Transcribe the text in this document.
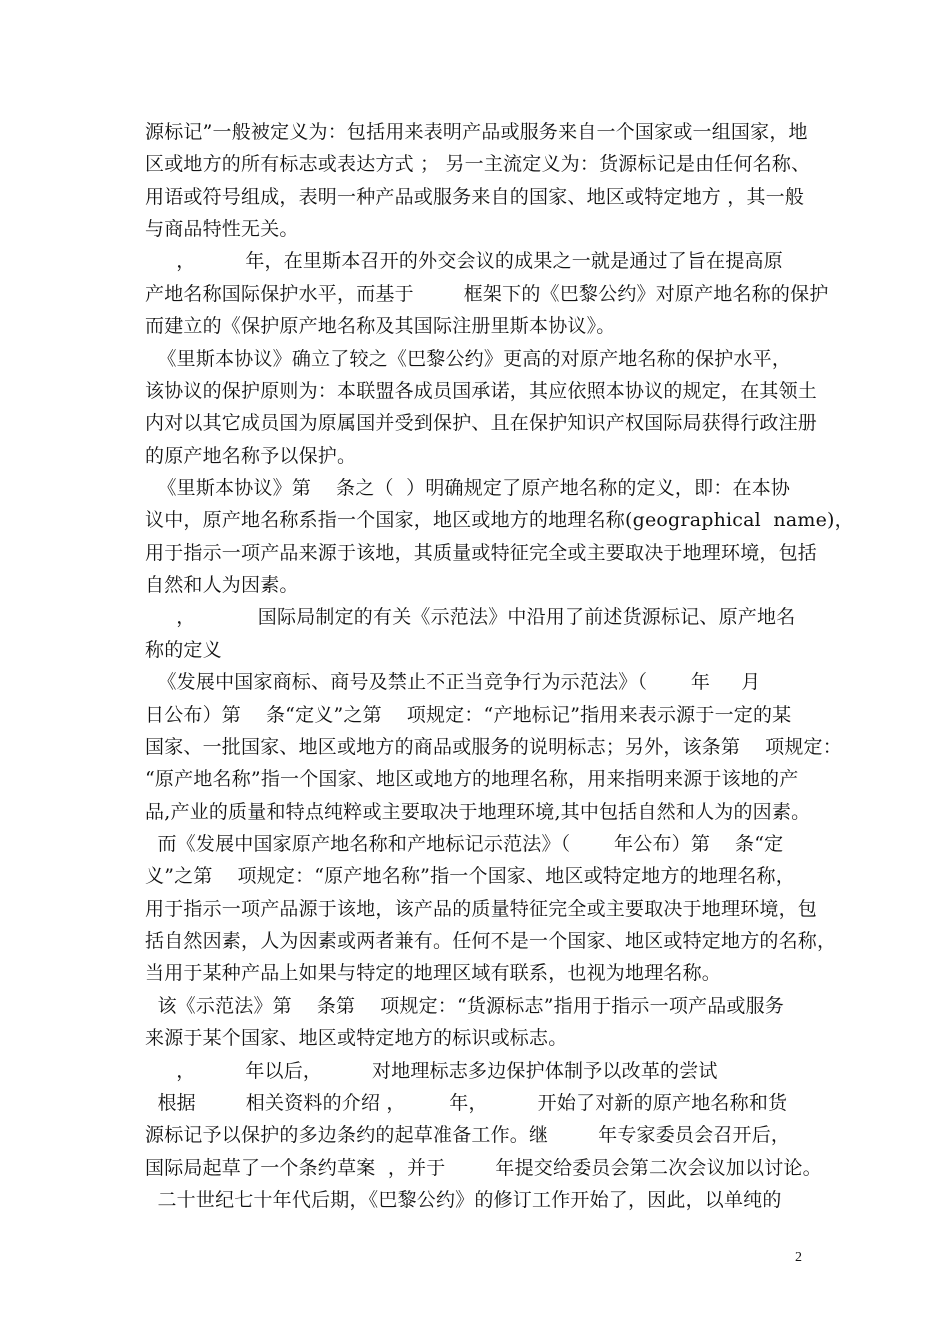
源标记”一般被定义为：包括用来表明产品或服务来自一个国家或一组国家，地
区或地方的所有标志或表达方式 ； 另一主流定义为：货源标记是由任何名称、
用语或符号组成，表明一种产品或服务来自的国家、地区或特定地方 ，其一般
与商品特性无关。
，        年，在里斯本召开的外交会议的成果之一就是通过了旨在提高原
产地名称国际保护水平，而基于        框架下的《巴黎公约》对原产地名称的保护
而建立的《保护原产地名称及其国际注册里斯本协议》。
《里斯本协议》确立了较之《巴黎公约》更高的对原产地名称的保护水平，
该协议的保护原则为：本联盟各成员国承诺，其应依照本协议的规定，在其领土
内对以其它成员国为原属国并受到保护、且在保护知识产权国际局获得行政注册
的原产地名称予以保护。
《里斯本协议》第    条之（  ）明确规定了原产地名称的定义，即：在本协
议中，原产地名称系指一个国家，地区或地方的地理名称(geographical  name)，
用于指示一项产品来源于该地，其质量或特征完全或主要取决于地理环境，包括
自然和人为因素。
，          国际局制定的有关《示范法》中沿用了前述货源标记、原产地名
称的定义
《发展中国家商标、商号及禁止不正当竞争行为示范法》（       年     月
日公布）第    条“定义”之第    项规定：“产地标记”指用来表示源于一定的某
国家、一批国家、地区或地方的商品或服务的说明标志；另外，该条第    项规定：
“原产地名称”指一个国家、地区或地方的地理名称，用来指明来源于该地的产
品,产业的质量和特点纯粹或主要取决于地理环境,其中包括自然和人为的因素。
而《发展中国家原产地名称和产地标记示范法》（       年公布）第    条“定
义”之第    项规定：“原产地名称”指一个国家、地区或特定地方的地理名称，
用于指示一项产品源于该地，该产品的质量特征完全或主要取决于地理环境，包
括自然因素，人为因素或两者兼有。任何不是一个国家、地区或特定地方的名称，
当用于某种产品上如果与特定的地理区域有联系，也视为地理名称。
该《示范法》第    条第    项规定：“货源标志”指用于指示一项产品或服务
来源于某个国家、地区或特定地方的标识或标志。
，        年以后，        对地理标志多边保护体制予以改革的尝试
根据        相关资料的介绍 ，       年，        开始了对新的原产地名称和货
源标记予以保护的多边条约的起草准备工作。继        年专家委员会召开后，
国际局起草了一个条约草案  ，并于        年提交给委员会第二次会议加以讨论。
二十世纪七十年代后期，《巴黎公约》的修订工作开始了，因此，以单纯的
2
